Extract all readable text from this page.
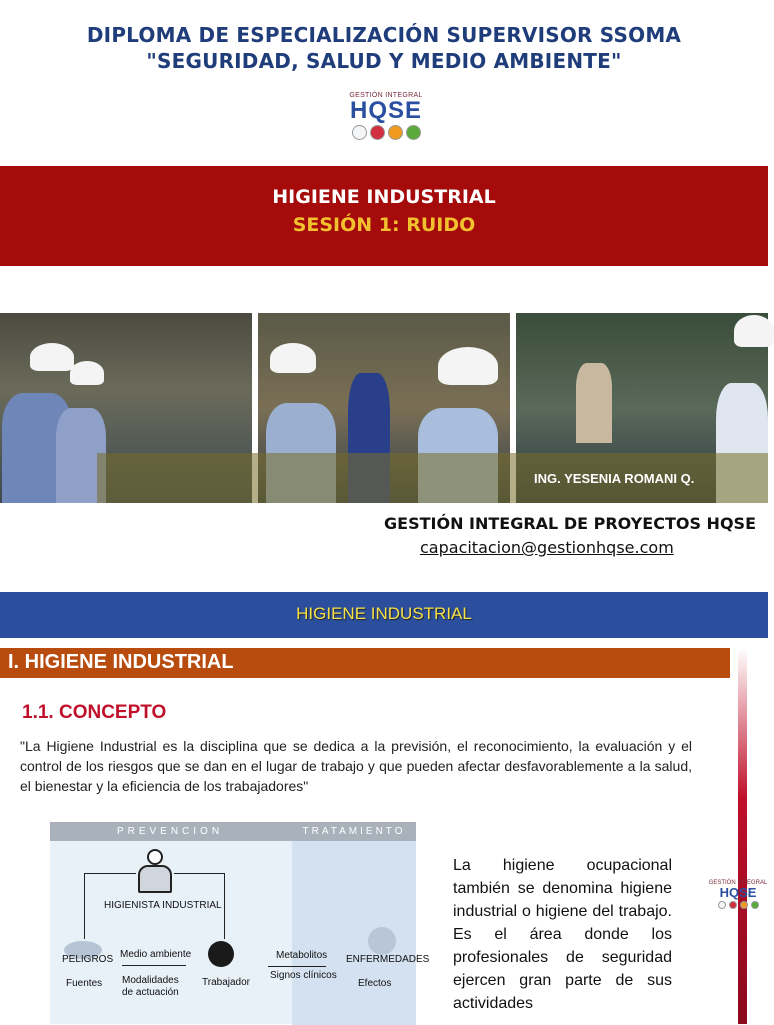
DIPLOMA DE ESPECIALIZACIÓN SUPERVISOR SSOMA
"SEGURIDAD, SALUD Y MEDIO AMBIENTE"
GESTIÓN INTEGRAL
HQSE
HIGIENE INDUSTRIAL
SESIÓN 1: RUIDO
ING. YESENIA ROMANI Q.
GESTIÓN INTEGRAL DE PROYECTOS HQSE
capacitacion@gestionhqse.com
HIGIENE INDUSTRIAL
I. HIGIENE INDUSTRIAL
1.1. CONCEPTO
"La Higiene Industrial es la disciplina que se dedica a la previsión, el reconocimiento, la evaluación y el control de los riesgos que se dan en el lugar de trabajo y que pueden afectar desfavorablemente a la salud, el bienestar y la eficiencia de los trabajadores"
PREVENCION	TRATAMIENTO
HIGIENISTA INDUSTRIAL
PELIGROS
Fuentes
Medio ambiente
Modalidades
de actuación
Trabajador
Metabolitos
Signos clínicos
ENFERMEDADES
Efectos
La higiene ocupacional también se denomina higiene industrial o higiene del trabajo. Es el área donde los profesionales de seguridad ejercen gran parte de sus actividades
GESTIÓN INTEGRAL
HQSE
